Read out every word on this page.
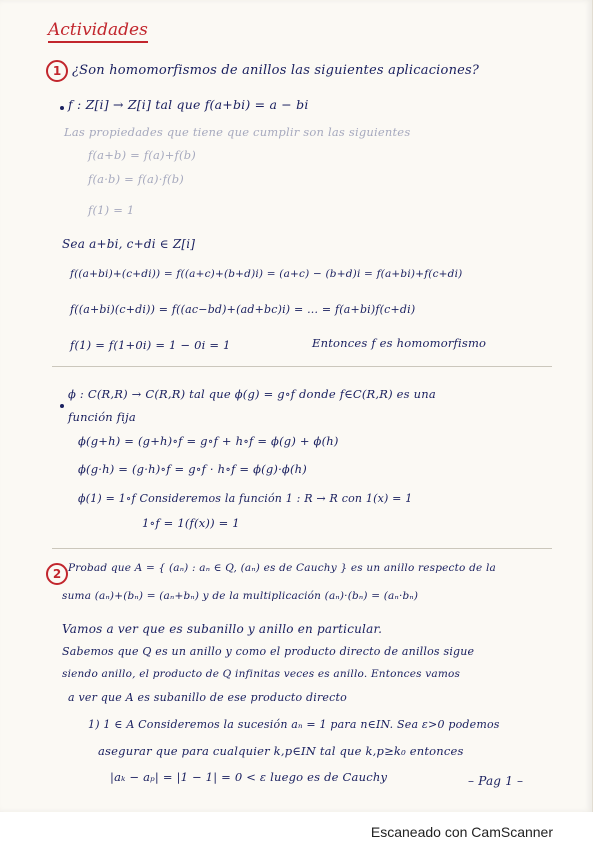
Actividades
1 ¿Son homomorfismos de anillos las siguientes aplicaciones?
f : Z[i] → Z[i] tal que f(a+bi) = a − bi
Las propiedades que tiene que cumplir son las siguientes
f(a+b) = f(a)+f(b)
f(a·b) = f(a)·f(b)
f(1) = 1
Sea a+bi, c+di ∈ Z[i]
f((a+bi)+(c+di)) = f((a+c)+(b+d)i) = (a+c) − (b+d)i = f(a+bi)+f(c+di)
f((a+bi)(c+di)) = f((ac−bd)+(ad+bc)i) = ... = f(a+bi)f(c+di)
f(1) = f(1+0i) = 1 − 0i = 1	Entonces f es homomorfismo
ϕ : C(R,R) → C(R,R) tal que ϕ(g) = g∘f donde f∈C(R,R) es una
función fija
ϕ(g+h) = (g+h)∘f = g∘f + h∘f = ϕ(g) + ϕ(h)
ϕ(g·h) = (g·h)∘f = g∘f · h∘f = ϕ(g)·ϕ(h)
ϕ(1) = 1∘f Consideremos la función 1 : R → R con 1(x) = 1
1∘f = 1(f(x)) = 1
2 Probad que A = { (aₙ) : aₙ ∈ Q, (aₙ) es de Cauchy } es un anillo respecto de la
suma (aₙ)+(bₙ) = (aₙ+bₙ) y de la multiplicación (aₙ)·(bₙ) = (aₙ·bₙ)
Vamos a ver que es subanillo y anillo en particular.
Sabemos que Q es un anillo y como el producto directo de anillos sigue
siendo anillo, el producto de Q infinitas veces es anillo. Entonces vamos
a ver que A es subanillo de ese producto directo
1) 1 ∈ A Consideremos la sucesión aₙ = 1 para n∈IN. Sea ε>0 podemos
asegurar que para cualquier k,p∈IN tal que k,p≥k₀ entonces
|aₖ − aₚ| = |1 − 1| = 0 < ε luego es de Cauchy	– Pag 1 –
Escaneado con CamScanner
